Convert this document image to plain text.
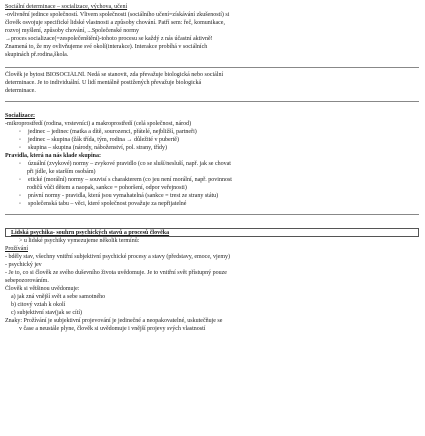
Sociální determinace – socializace, výchova, učení
-ovlivnění jedince společností. Vlivem společnosti (sociálního učení=získávání zkušeností) si
člověk osvojuje specifické lidské vlastnosti a způsoby chování. Patří sem: řeč, komunikace,
rozvoj myšlení, způsoby chování, ...Společenské normy
→proces socializace(=zespolečenštění)-tohoto procesu se každý z nás účastní aktivně!
Znamená to, že my ovlivňujeme své okolí(interakce). Interakce probíhá v sociálních
skupinách př.rodina,škola.
Člověk je bytost BIOSOCIÁLNÍ. Nedá se stanovit, zda převažuje biologická nebo sociální
determinace. Je to individuální. U lidí mentálně postižených převažuje biologická
determinace.
Socializace:
-mikroprostředí (rodina, vrstevníci) a makroprostředí (celá společnost, národ)
◦ jedinec – jedinec (matka a dítě, sourozenci, přátelé, nejbližší, partneři)
◦ jedinec – skupina (žák třída, tým, rodina → důležité v pubertě)
◦ skupina – skupina (národy, náboženství, pol. strany, třídy)
Pravidla, která na nás klade skupina:
◦ úzuální (zvykové) normy – zvykové pravidlo (co se sluší/nesluší, např. jak se chovat
při jídle, ke starším osobám)
◦ etické (morální) normy – souvisí s charakterem (co jeu není morální, např. povinnost
rodičů vůči dětem a naopak, sankce = pohoršení, odpor veřejnosti)
◦ právní normy - pravidla, která jsou vymahatelná (sankce = trest ze strany státu)
◦ společenská tabu – věci, které společnost považuje za nepřijatelné
Lidská psychika- souhrn psychických stavů a procesů člověka
> u lidské psychiky vymezujeme několik termínů:
Prožívání
- bděly stav, všechny vnitřní subjektivní psychické procesy a stavy (představy, emoce, vjemy)
- psychický jev
- Je to, co si člověk ze svého duševního života uvědomuje. Je to vnitřní svět přístupný pouze
sebepozorováním.
Člověk si většinou uvědomuje:
a) jak zná vnější svět a sebe samotného
b) citový vztah k okolí
c) subjektivní stav(jak se cítí)
Znaky: Prožívání je subjektivní projevování je jedinečné a neopakovatelné, uskutečňuje se
v čase a neustále plyne, člověk si uvědomuje i vnější projevy svých vlastností
